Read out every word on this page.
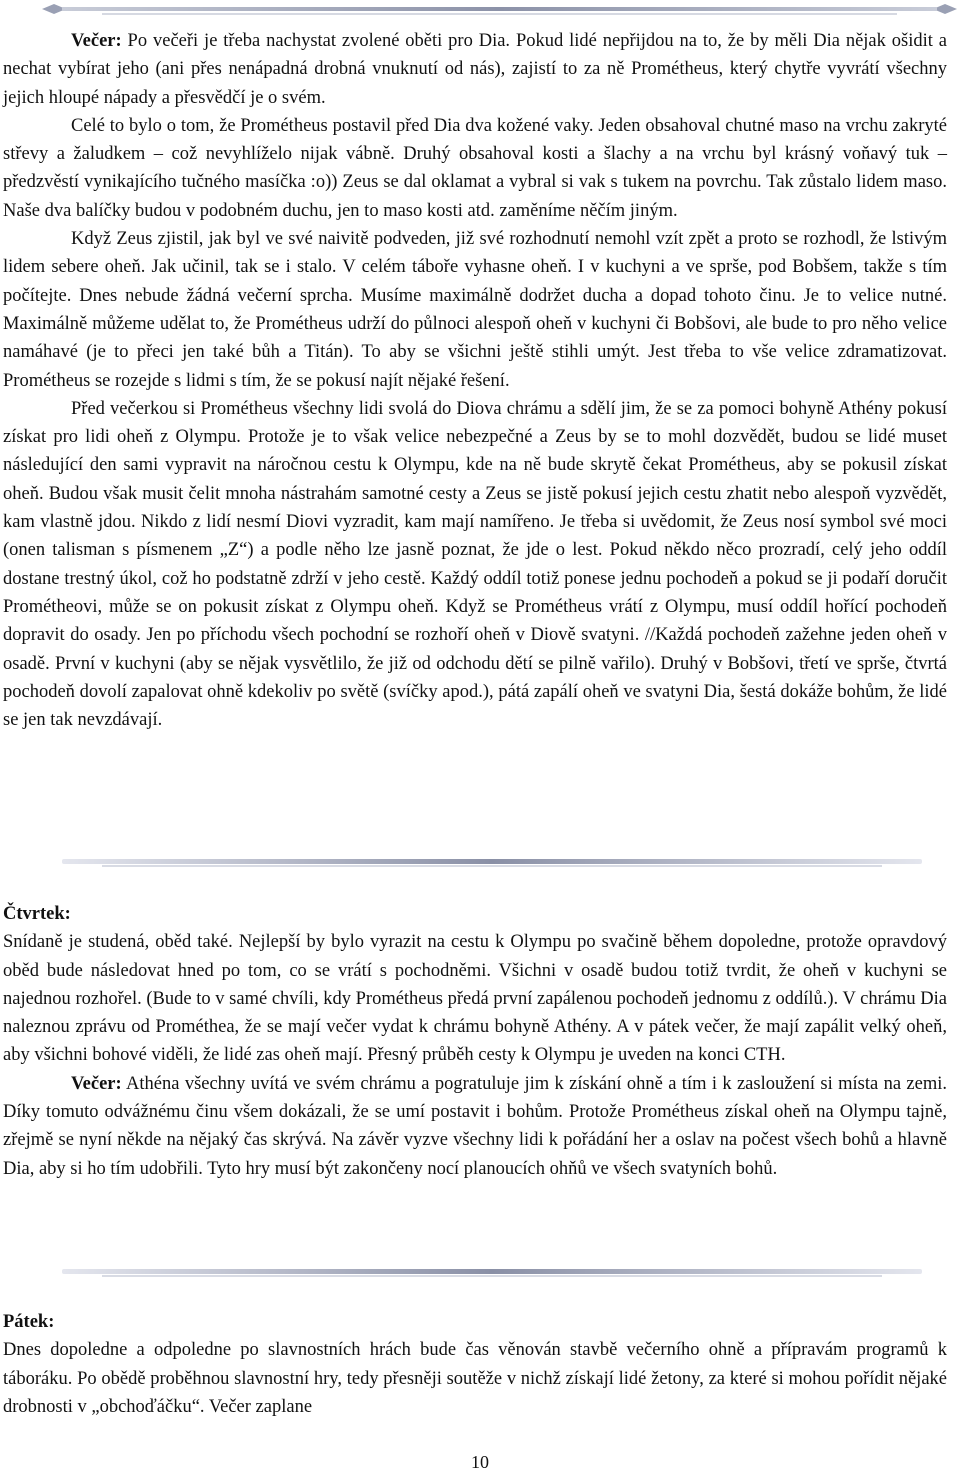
Večer: Po večeři je třeba nachystat zvolené oběti pro Dia. Pokud lidé nepřijdou na to, že by měli Dia nějak ošidit a nechat vybírat jeho (ani přes nenápadná drobná vnuknutí od nás), zajistí to za ně Prométheus, který chytře vyvrátí všechny jejich hloupé nápady a přesvědčí je o svém.

Celé to bylo o tom, že Prométheus postavil před Dia dva kožené vaky. Jeden obsahoval chutné maso na vrchu zakryté střevy a žaludkem – což nevyhlíželo nijak vábně. Druhý obsahoval kosti a šlachy a na vrchu byl krásný voňavý tuk – předzvěstí vynikajícího tučného masíčka :o)) Zeus se dal oklamat a vybral si vak s tukem na povrchu. Tak zůstalo lidem maso. Naše dva balíčky budou v podobném duchu, jen to maso kosti atd. zaměníme něčím jiným.

Když Zeus zjistil, jak byl ve své naivitě podveden, již své rozhodnutí nemohl vzít zpět a proto se rozhodl, že lstivým lidem sebere oheň. Jak učinil, tak se i stalo. V celém táboře vyhasne oheň. I v kuchyni a ve sprše, pod Bobšem, takže s tím počítejte. Dnes nebude žádná večerní sprcha. Musíme maximálně dodržet ducha a dopad tohoto činu. Je to velice nutné. Maximálně můžeme udělat to, že Prométheus udrží do půlnoci alespoň oheň v kuchyni či Bobšovi, ale bude to pro něho velice namáhavé (je to přeci jen také bůh a Titán). To aby se všichni ještě stihli umýt. Jest třeba to vše velice zdramatizovat. Prométheus se rozejde s lidmi s tím, že se pokusí najít nějaké řešení.

Před večerkou si Prométheus všechny lidi svolá do Diova chrámu a sdělí jim, že se za pomoci bohyně Athény pokusí získat pro lidi oheň z Olympu. Protože je to však velice nebezpečné a Zeus by se to mohl dozvědět, budou se lidé muset následující den sami vypravit na náročnou cestu k Olympu, kde na ně bude skrytě čekat Prométheus, aby se pokusil získat oheň. Budou však musit čelit mnoha nástrahám samotné cesty a Zeus se jistě pokusí jejich cestu zhatit nebo alespoň vyzvědět, kam vlastně jdou. Nikdo z lidí nesmí Diovi vyzradit, kam mají namířeno. Je třeba si uvědomit, že Zeus nosí symbol své moci (onen talisman s písmenem „Z“) a podle něho lze jasně poznat, že jde o lest. Pokud někdo něco prozradí, celý jeho oddíl dostane trestný úkol, což ho podstatně zdrží v jeho cestě. Každý oddíl totiž ponese jednu pochodeň a pokud se ji podaří doručit Prométheovi, může se on pokusit získat z Olympu oheň. Když se Prométheus vrátí z Olympu, musí oddíl hořící pochodeň dopravit do osady. Jen po příchodu všech pochodní se rozhoří oheň v Diově svatyni. //Každá pochodeň zažehne jeden oheň v osadě. První v kuchyni (aby se nějak vysvětlilo, že již od odchodu dětí se pilně vařilo). Druhý v Bobšovi, třetí ve sprše, čtvrtá pochodeň dovolí zapalovat ohně kdekoliv po světě (svíčky apod.), pátá zapálí oheň ve svatyni Dia, šestá dokáže bohům, že lidé se jen tak nevzdávají.

Čtvrtek:

Snídaně je studená, oběd také. Nejlepší by bylo vyrazit na cestu k Olympu po svačině během dopoledne, protože opravdový oběd bude následovat hned po tom, co se vrátí s pochodněmi. Všichni v osadě budou totiž tvrdit, že oheň v kuchyni se najednou rozhořel. (Bude to v samé chvíli, kdy Prométheus předá první zapálenou pochodeň jednomu z oddílů.). V chrámu Dia naleznou zprávu od Prométhea, že se mají večer vydat k chrámu bohyně Athény. A v pátek večer, že mají zapálit velký oheň, aby všichni bohové viděli, že lidé zas oheň mají. Přesný průběh cesty k Olympu je uveden na konci CTH.

Večer: Athéna všechny uvítá ve svém chrámu a pogratuluje jim k získání ohně a tím i k zasloužení si místa na zemi. Díky tomuto odvážnému činu všem dokázali, že se umí postavit i bohům. Protože Prométheus získal oheň na Olympu tajně, zřejmě se nyní někde na nějaký čas skrývá. Na závěr vyzve všechny lidi k pořádání her a oslav na počest všech bohů a hlavně Dia, aby si ho tím udobřili. Tyto hry musí být zakončeny nocí planoucích ohňů ve všech svatyních bohů.

Pátek:

Dnes dopoledne a odpoledne po slavnostních hrách bude čas věnován stavbě večerního ohně a přípravám programů k táboráku. Po obědě proběhnou slavnostní hry, tedy přesněji soutěže v nichž získají lidé žetony, za které si mohou pořídit nějaké drobnosti v „obchoďáčku“. Večer zaplane

10
